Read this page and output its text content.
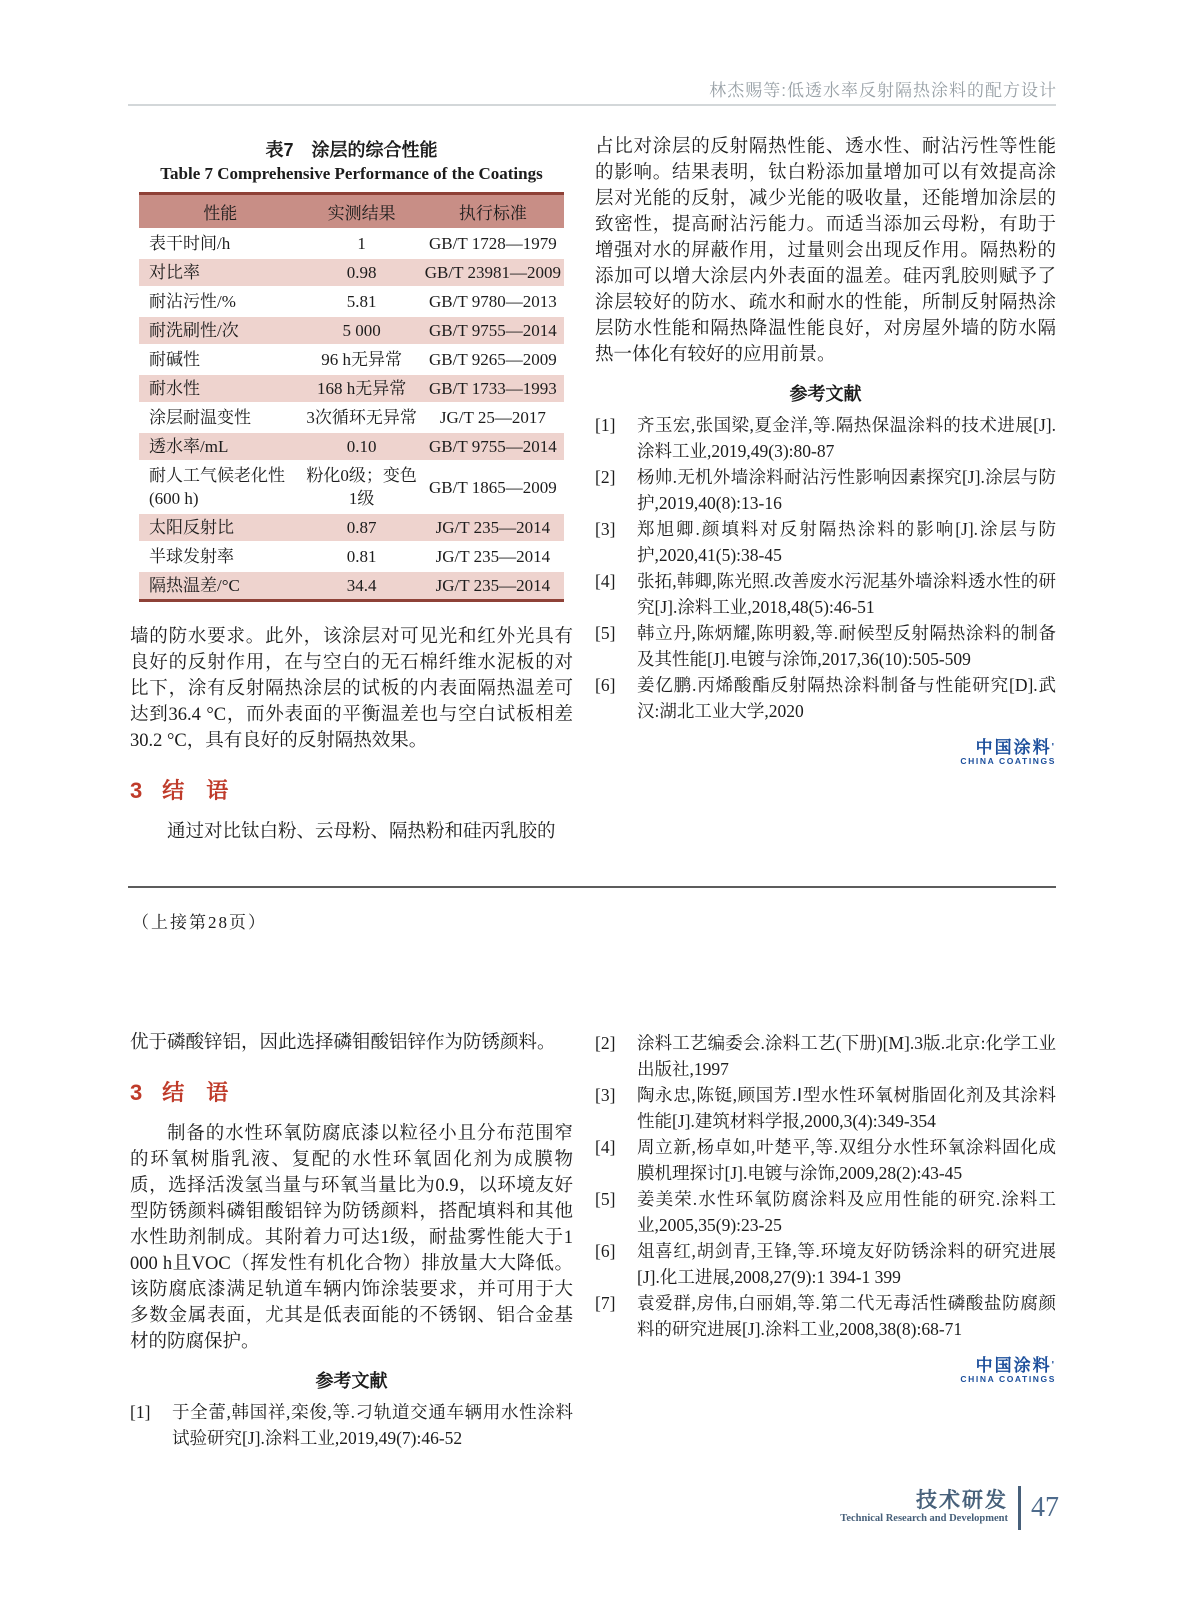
林杰赐等:低透水率反射隔热涂料的配方设计
表7　涂层的综合性能
Table 7 Comprehensive Performance of the Coatings
性能	实测结果	执行标准
表干时间/h	1	GB/T 1728—1979
对比率	0.98	GB/T 23981—2009
耐沾污性/%	5.81	GB/T 9780—2013
耐洗刷性/次	5 000	GB/T 9755—2014
耐碱性	96 h无异常	GB/T 9265—2009
耐水性	168 h无异常	GB/T 1733—1993
涂层耐温变性	3次循环无异常	JG/T 25—2017
透水率/mL	0.10	GB/T 9755—2014
耐人工气候老化性(600 h)	粉化0级；变色1级	GB/T 1865—2009
太阳反射比	0.87	JG/T 235—2014
半球发射率	0.81	JG/T 235—2014
隔热温差/°C	34.4	JG/T 235—2014

墙的防水要求。此外，该涂层对可见光和红外光具有良好的反射作用，在与空白的无石棉纤维水泥板的对比下，涂有反射隔热涂层的试板的内表面隔热温差可达到36.4 °C，而外表面的平衡温差也与空白试板相差30.2 °C，具有良好的反射隔热效果。

3 结　语

通过对比钛白粉、云母粉、隔热粉和硅丙乳胶的

占比对涂层的反射隔热性能、透水性、耐沾污性等性能的影响。结果表明，钛白粉添加量增加可以有效提高涂层对光能的反射，减少光能的吸收量，还能增加涂层的致密性，提高耐沾污能力。而适当添加云母粉，有助于增强对水的屏蔽作用，过量则会出现反作用。隔热粉的添加可以增大涂层内外表面的温差。硅丙乳胶则赋予了涂层较好的防水、疏水和耐水的性能，所制反射隔热涂层防水性能和隔热降温性能良好，对房屋外墙的防水隔热一体化有较好的应用前景。

参考文献
[1]	齐玉宏,张国梁,夏金洋,等.隔热保温涂料的技术进展[J].涂料工业,2019,49(3):80-87
[2]	杨帅.无机外墙涂料耐沾污性影响因素探究[J].涂层与防护,2019,40(8):13-16
[3]	郑旭卿.颜填料对反射隔热涂料的影响[J].涂层与防护,2020,41(5):38-45
[4]	张拓,韩卿,陈光照.改善废水污泥基外墙涂料透水性的研究[J].涂料工业,2018,48(5):46-51
[5]	韩立丹,陈炳耀,陈明毅,等.耐候型反射隔热涂料的制备及其性能[J].电镀与涂饰,2017,36(10):505-509
[6]	姜亿鹏.丙烯酸酯反射隔热涂料制备与性能研究[D].武汉:湖北工业大学,2020
中国涂料'
CHINA COATINGS
（上接第28页）

优于磷酸锌铝，因此选择磷钼酸铝锌作为防锈颜料。

3 结　语

制备的水性环氧防腐底漆以粒径小且分布范围窄的环氧树脂乳液、复配的水性环氧固化剂为成膜物质，选择活泼氢当量与环氧当量比为0.9，以环境友好型防锈颜料磷钼酸铝锌为防锈颜料，搭配填料和其他水性助剂制成。其附着力可达1级，耐盐雾性能大于1 000 h且VOC（挥发性有机化合物）排放量大大降低。该防腐底漆满足轨道车辆内饰涂装要求，并可用于大多数金属表面，尤其是低表面能的不锈钢、铝合金基材的防腐保护。

参考文献
[1]	于全蕾,韩国祥,栾俊,等.刁轨道交通车辆用水性涂料试验研究[J].涂料工业,2019,49(7):46-52
[2]	涂料工艺编委会.涂料工艺(下册)[M].3版.北京:化学工业出版社,1997
[3]	陶永忠,陈铤,顾国芳.Ⅰ型水性环氧树脂固化剂及其涂料性能[J].建筑材料学报,2000,3(4):349-354
[4]	周立新,杨卓如,叶楚平,等.双组分水性环氧涂料固化成膜机理探讨[J].电镀与涂饰,2009,28(2):43-45
[5]	姜美荣.水性环氧防腐涂料及应用性能的研究.涂料工业,2005,35(9):23-25
[6]	俎喜红,胡剑青,王锋,等.环境友好防锈涂料的研究进展[J].化工进展,2008,27(9):1 394-1 399
[7]	袁爱群,房伟,白丽娟,等.第二代无毒活性磷酸盐防腐颜料的研究进展[J].涂料工业,2008,38(8):68-71
中国涂料'
CHINA COATINGS
技术研发
Technical Research and Development 47
